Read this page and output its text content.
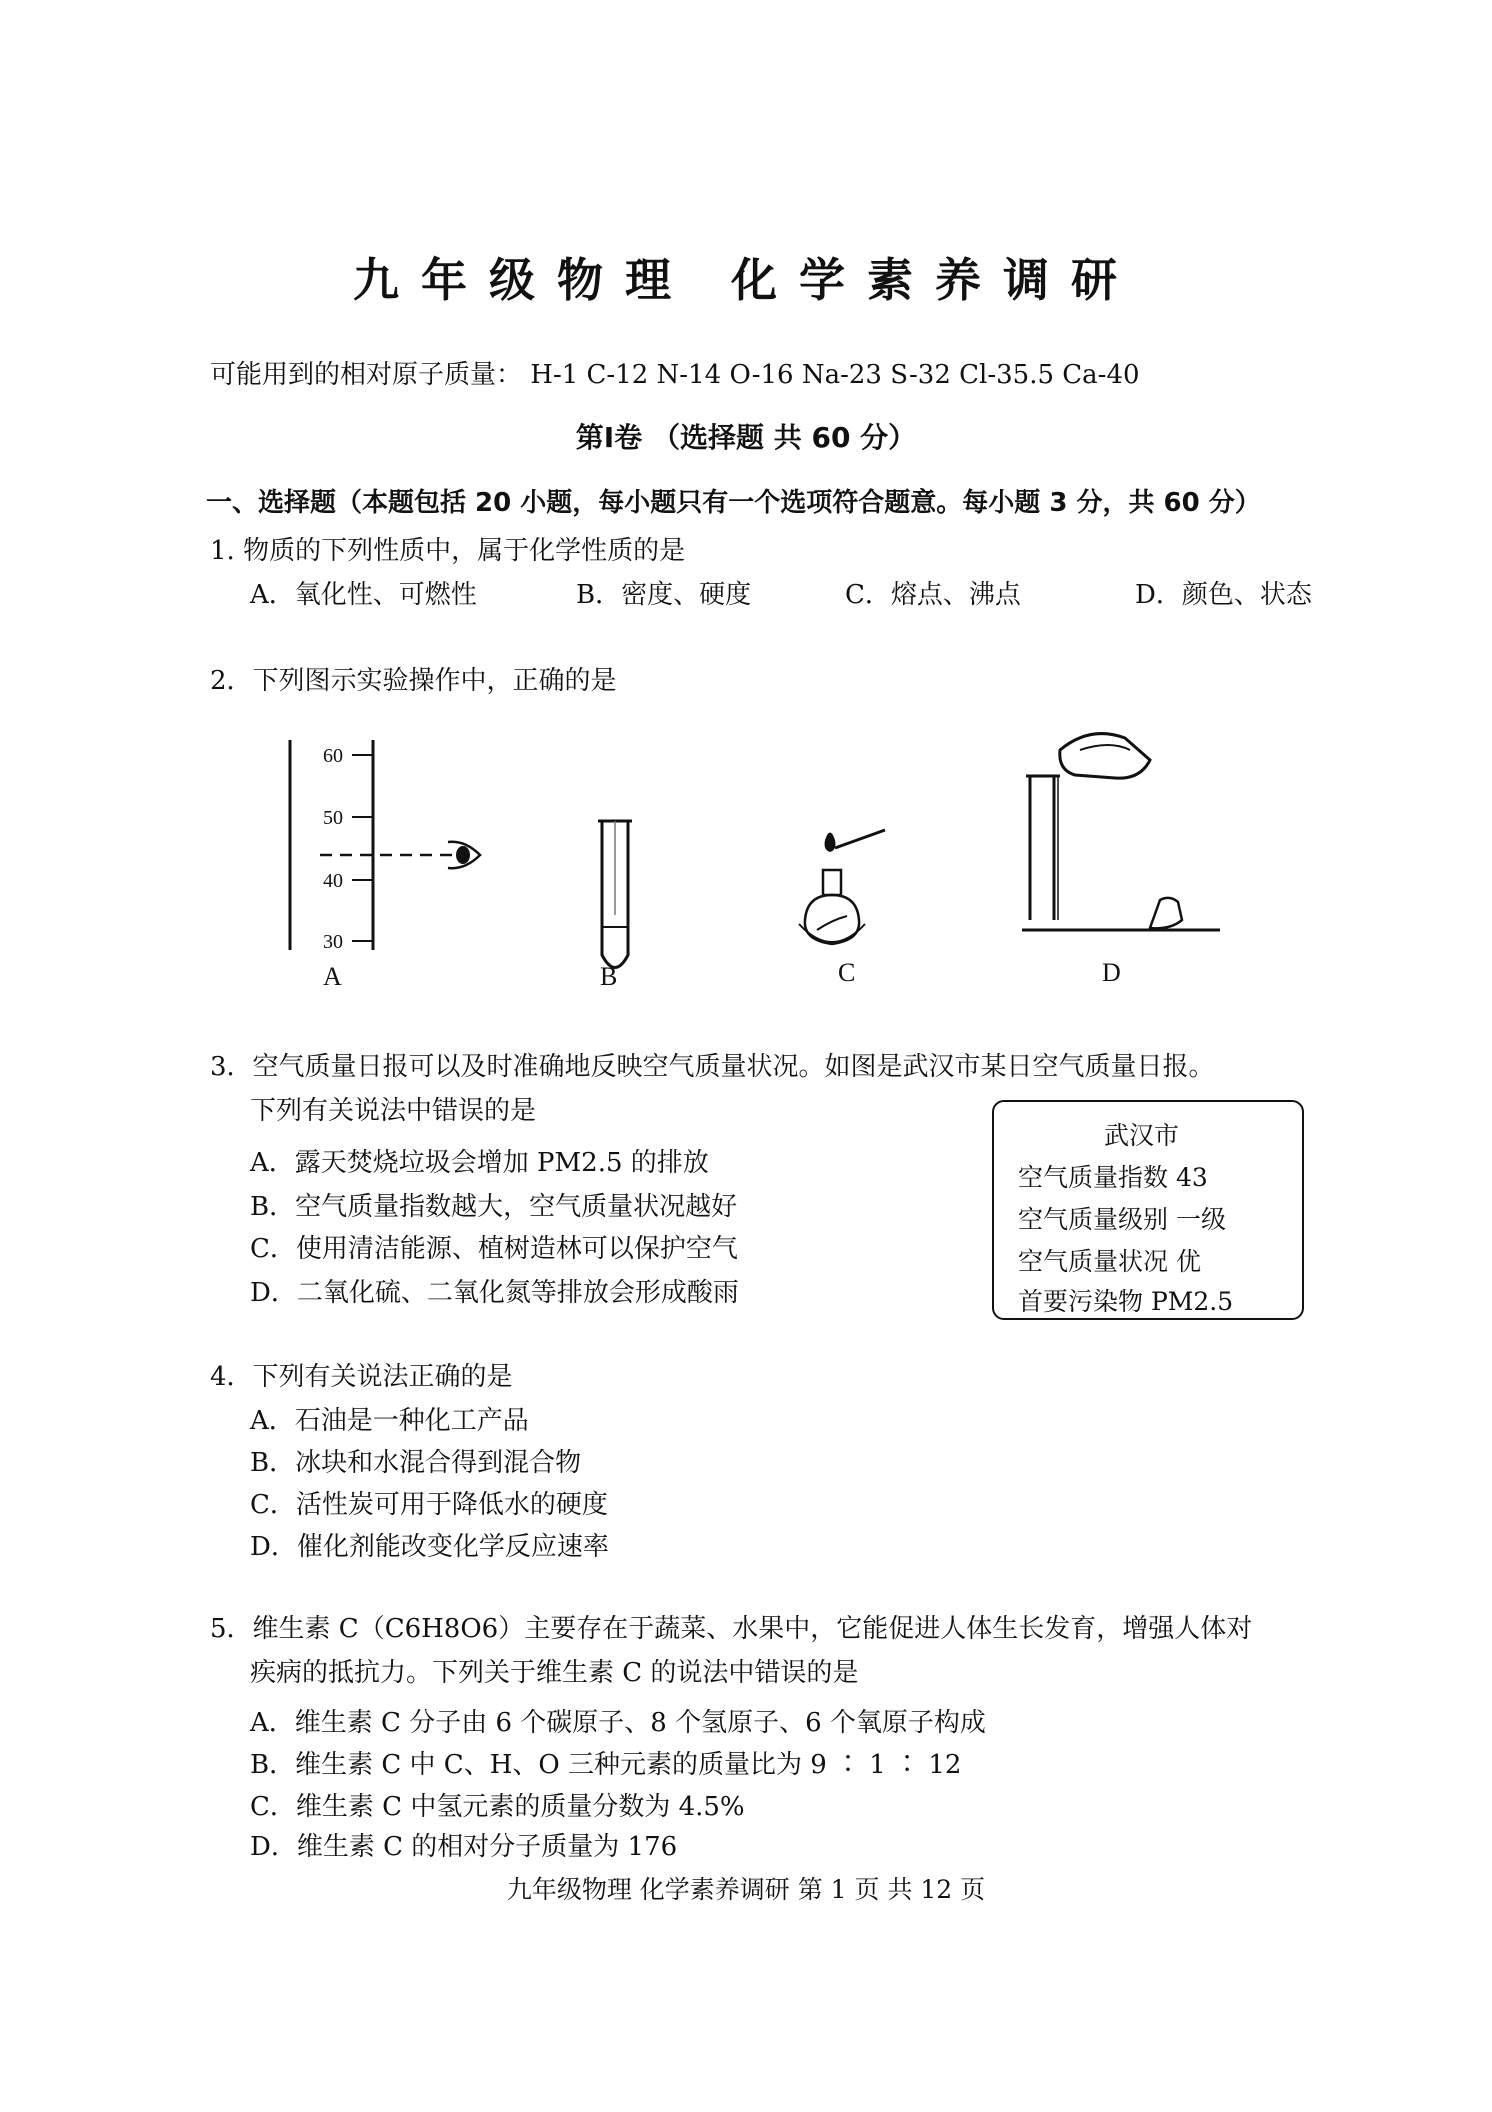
九年级物理 化学素养调研
可能用到的相对原子质量： H-1 C-12 N-14 O-16 Na-23 S-32 Cl-35.5 Ca-40
第Ⅰ卷 （选择题 共 60 分）
一、选择题（本题包括 20 小题，每小题只有一个选项符合题意。每小题 3 分，共 60 分）
1. 物质的下列性质中，属于化学性质的是
A．氧化性、可燃性	B．密度、硬度	C．熔点、沸点	D．颜色、状态
2．下列图示实验操作中，正确的是
60
50
40
30
A	B	C	D
3．空气质量日报可以及时准确地反映空气质量状况。如图是武汉市某日空气质量日报。
下列有关说法中错误的是
A．露天焚烧垃圾会增加 PM2.5 的排放
B．空气质量指数越大，空气质量状况越好
C．使用清洁能源、植树造林可以保护空气
D．二氧化硫、二氧化氮等排放会形成酸雨
武汉市
空气质量指数 43
空气质量级别 一级
空气质量状况 优
首要污染物 PM2.5
4．下列有关说法正确的是
A．石油是一种化工产品
B．冰块和水混合得到混合物
C．活性炭可用于降低水的硬度
D．催化剂能改变化学反应速率
5．维生素 C（C6H8O6）主要存在于蔬菜、水果中，它能促进人体生长发育，增强人体对
疾病的抵抗力。下列关于维生素 C 的说法中错误的是
A．维生素 C 分子由 6 个碳原子、8 个氢原子、6 个氧原子构成
B．维生素 C 中 C、H、O 三种元素的质量比为 9 ∶ 1 ∶ 12
C．维生素 C 中氢元素的质量分数为 4.5%
D．维生素 C 的相对分子质量为 176
九年级物理 化学素养调研 第 1 页 共 12 页
